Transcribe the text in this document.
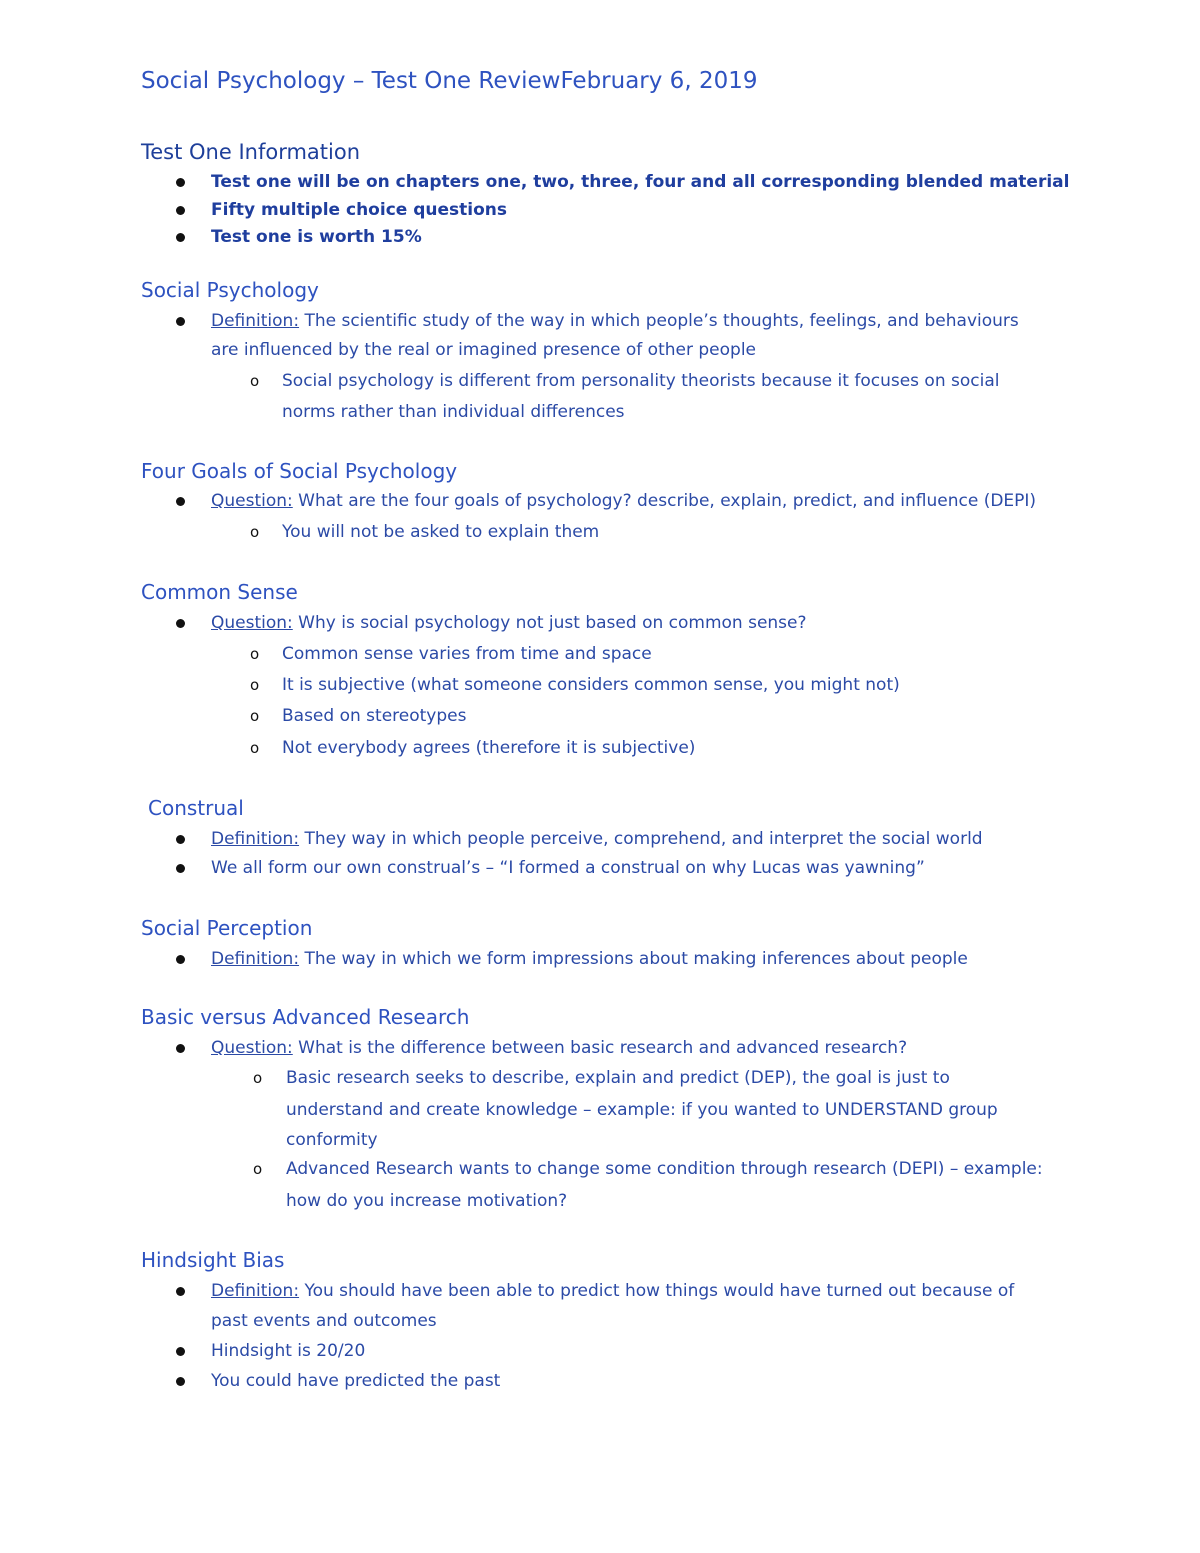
Social Psychology – Test One ReviewFebruary 6, 2019
Test One Information
Test one will be on chapters one, two, three, four and all corresponding blended material
Fifty multiple choice questions
Test one is worth 15%
Social Psychology
Definition: The scientific study of the way in which people’s thoughts, feelings, and behaviours
are influenced by the real or imagined presence of other people
o Social psychology is different from personality theorists because it focuses on social
norms rather than individual differences
Four Goals of Social Psychology
Question: What are the four goals of psychology? describe, explain, predict, and influence (DEPI)
o You will not be asked to explain them
Common Sense
Question: Why is social psychology not just based on common sense?
o Common sense varies from time and space
o It is subjective (what someone considers common sense, you might not)
o Based on stereotypes
o Not everybody agrees (therefore it is subjective)
Construal
Definition: They way in which people perceive, comprehend, and interpret the social world
We all form our own construal’s – “I formed a construal on why Lucas was yawning”
Social Perception
Definition: The way in which we form impressions about making inferences about people
Basic versus Advanced Research
Question: What is the difference between basic research and advanced research?
o Basic research seeks to describe, explain and predict (DEP), the goal is just to
understand and create knowledge – example: if you wanted to UNDERSTAND group
conformity
o Advanced Research wants to change some condition through research (DEPI) – example:
how do you increase motivation?
Hindsight Bias
Definition: You should have been able to predict how things would have turned out because of
past events and outcomes
Hindsight is 20/20
You could have predicted the past
